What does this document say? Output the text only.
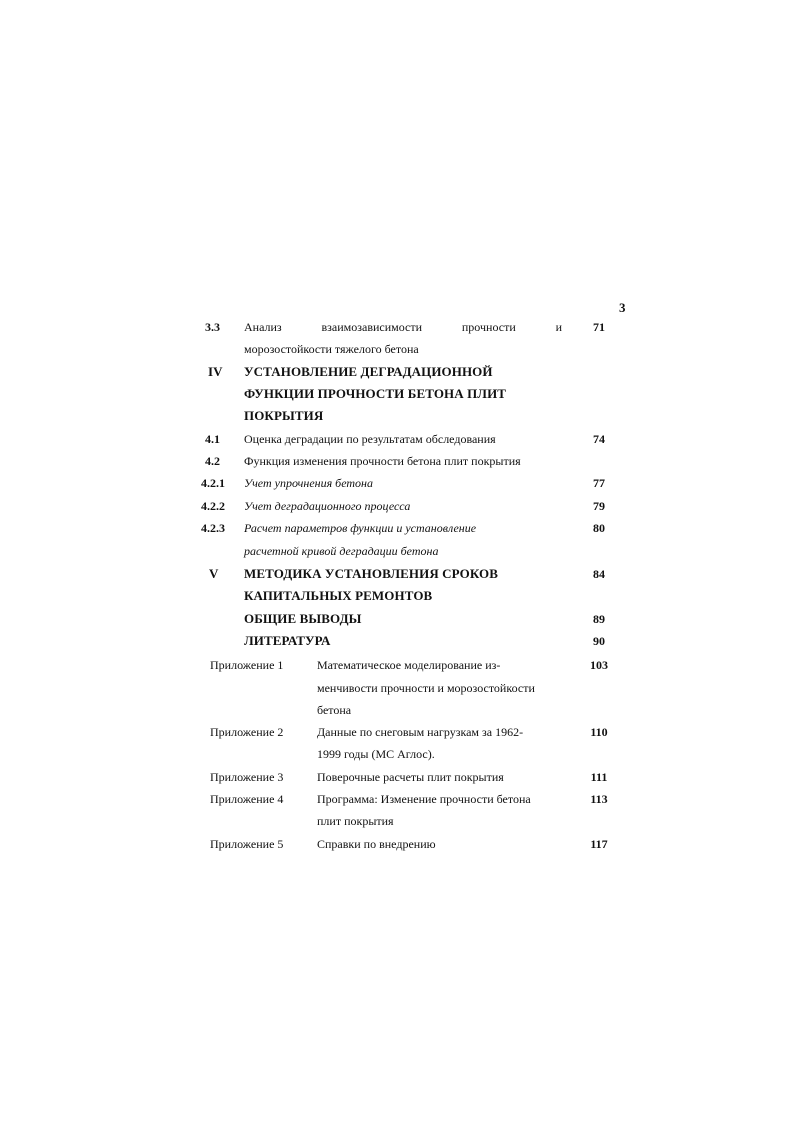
3
3.3 Анализ	взаимозависимости	прочности	и	71
морозостойкости тяжелого бетона
IV УСТАНОВЛЕНИЕ ДЕГРАДАЦИОННОЙ
ФУНКЦИИ ПРОЧНОСТИ БЕТОНА ПЛИТ
ПОКРЫТИЯ
4.1 Оценка деградации по результатам обследования	74
4.2 Функция изменения прочности бетона плит покрытия
4.2.1 Учет упрочнения бетона	77
4.2.2 Учет деградационного процесса	79
4.2.3 Расчет параметров функции и установление	80
расчетной кривой деградации бетона
V МЕТОДИКА УСТАНОВЛЕНИЯ СРОКОВ	84
КАПИТАЛЬНЫХ РЕМОНТОВ
ОБЩИЕ ВЫВОДЫ	89
ЛИТЕРАТУРА	90
Приложение 1	Математическое моделирование из-	103
менчивости прочности и морозостойкости
бетона
Приложение 2	Данные по снеговым нагрузкам за 1962-	110
1999 годы (МС Аглос).
Приложение 3	Поверочные расчеты плит покрытия	111
Приложение 4	Программа: Изменение прочности бетона	113
плит покрытия
Приложение 5	Справки по внедрению	117
